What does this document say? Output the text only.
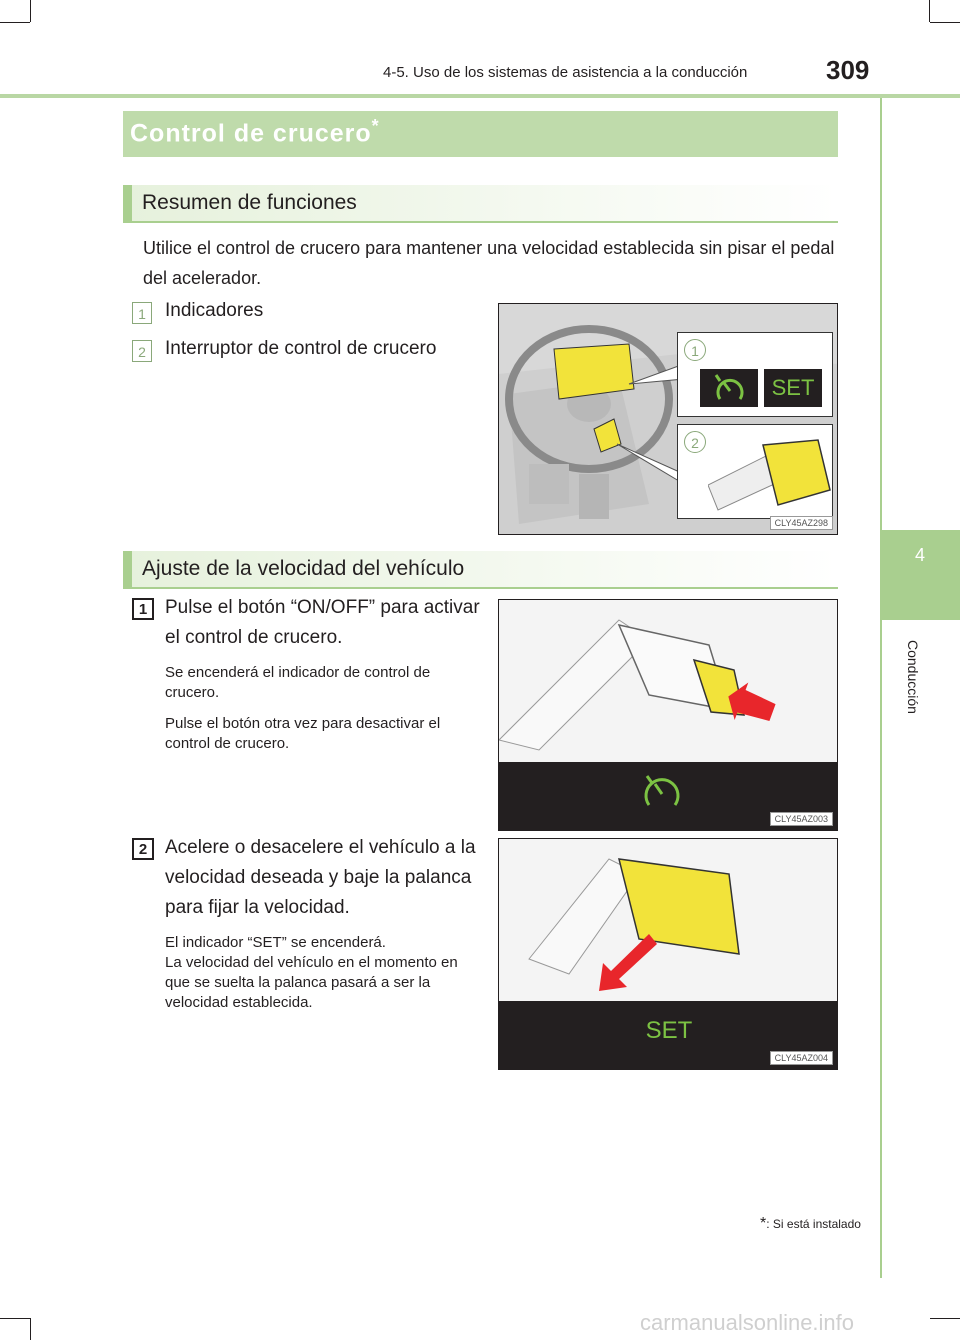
4-5. Uso de los sistemas de asistencia a la conducción	309
4
Conducción
Control de crucero*
Resumen de funciones
Utilice el control de crucero para mantener una velocidad establecida sin pisar el pedal del acelerador.
1	Indicadores
2	Interruptor de control de crucero	1
SET
2
CLY45AZ298
Ajuste de la velocidad del vehículo
1 Pulse el botón “ON/OFF” para activar el control de crucero.
Se encenderá el indicador de control de crucero.
Pulse el botón otra vez para desactivar el control de crucero.
CLY45AZ003
2 Acelere o desacelere el vehículo a la velocidad deseada y baje la palanca para fijar la velocidad.
El indicador “SET” se encenderá.
La velocidad del vehículo en el momento en que se suelta la palanca pasará a ser la velocidad establecida.
SET
CLY45AZ004
*: Si está instalado
carmanualsonline.info
